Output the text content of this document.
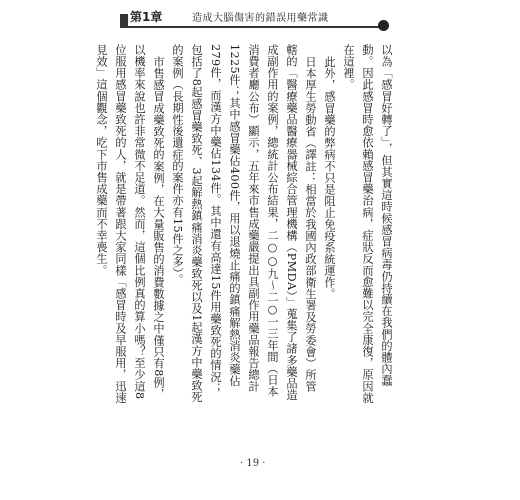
第1章	造成大腦傷害的錯誤用藥常識

以為「感冒好轉了」，但其實這時候感冒病毒仍持續在我們的體內蠢動。因此感冒時愈依賴感冒藥治病，症狀反而愈難以完全康復，原因就在這裡。

此外，感冒藥的弊病不只是阻止免疫系統運作。

日本厚生勞動省（譯註：相當於我國內政部衛生署及勞委會）所管轄的「醫療藥品醫療器械綜合管理機構（PMDA）」蒐集了諸多藥品造成副作用的案例，總統計公布結果，二○○九～二○一三年間（日本消費者廳公布）顯示，五年來市售成藥嚴提出具副作用藥品報告總計1225件；其中感冒藥佔400件，用以退燒止痛的鎮痛解熱消炎藥佔279件，而漢方中藥佔134件。其中還有高達15件用藥致死的情況；包括了8起感冒藥致死、3起解熱鎮痛消炎藥致死以及1起漢方中藥致死的案例（長期性後遺症的案件亦有15件之多）。

市售感冒成藥致死的案例，在大量販售的消費數據之中僅只有8例，以機率來說也許非常微不足道。然而，這個比例真的算小嗎？至少這8位服用感冒藥致死的人，就是帶著跟大家同樣「感冒時及早服用，迅速見效」這個觀念，吃下市售成藥而不幸喪生。

· 19 ·
